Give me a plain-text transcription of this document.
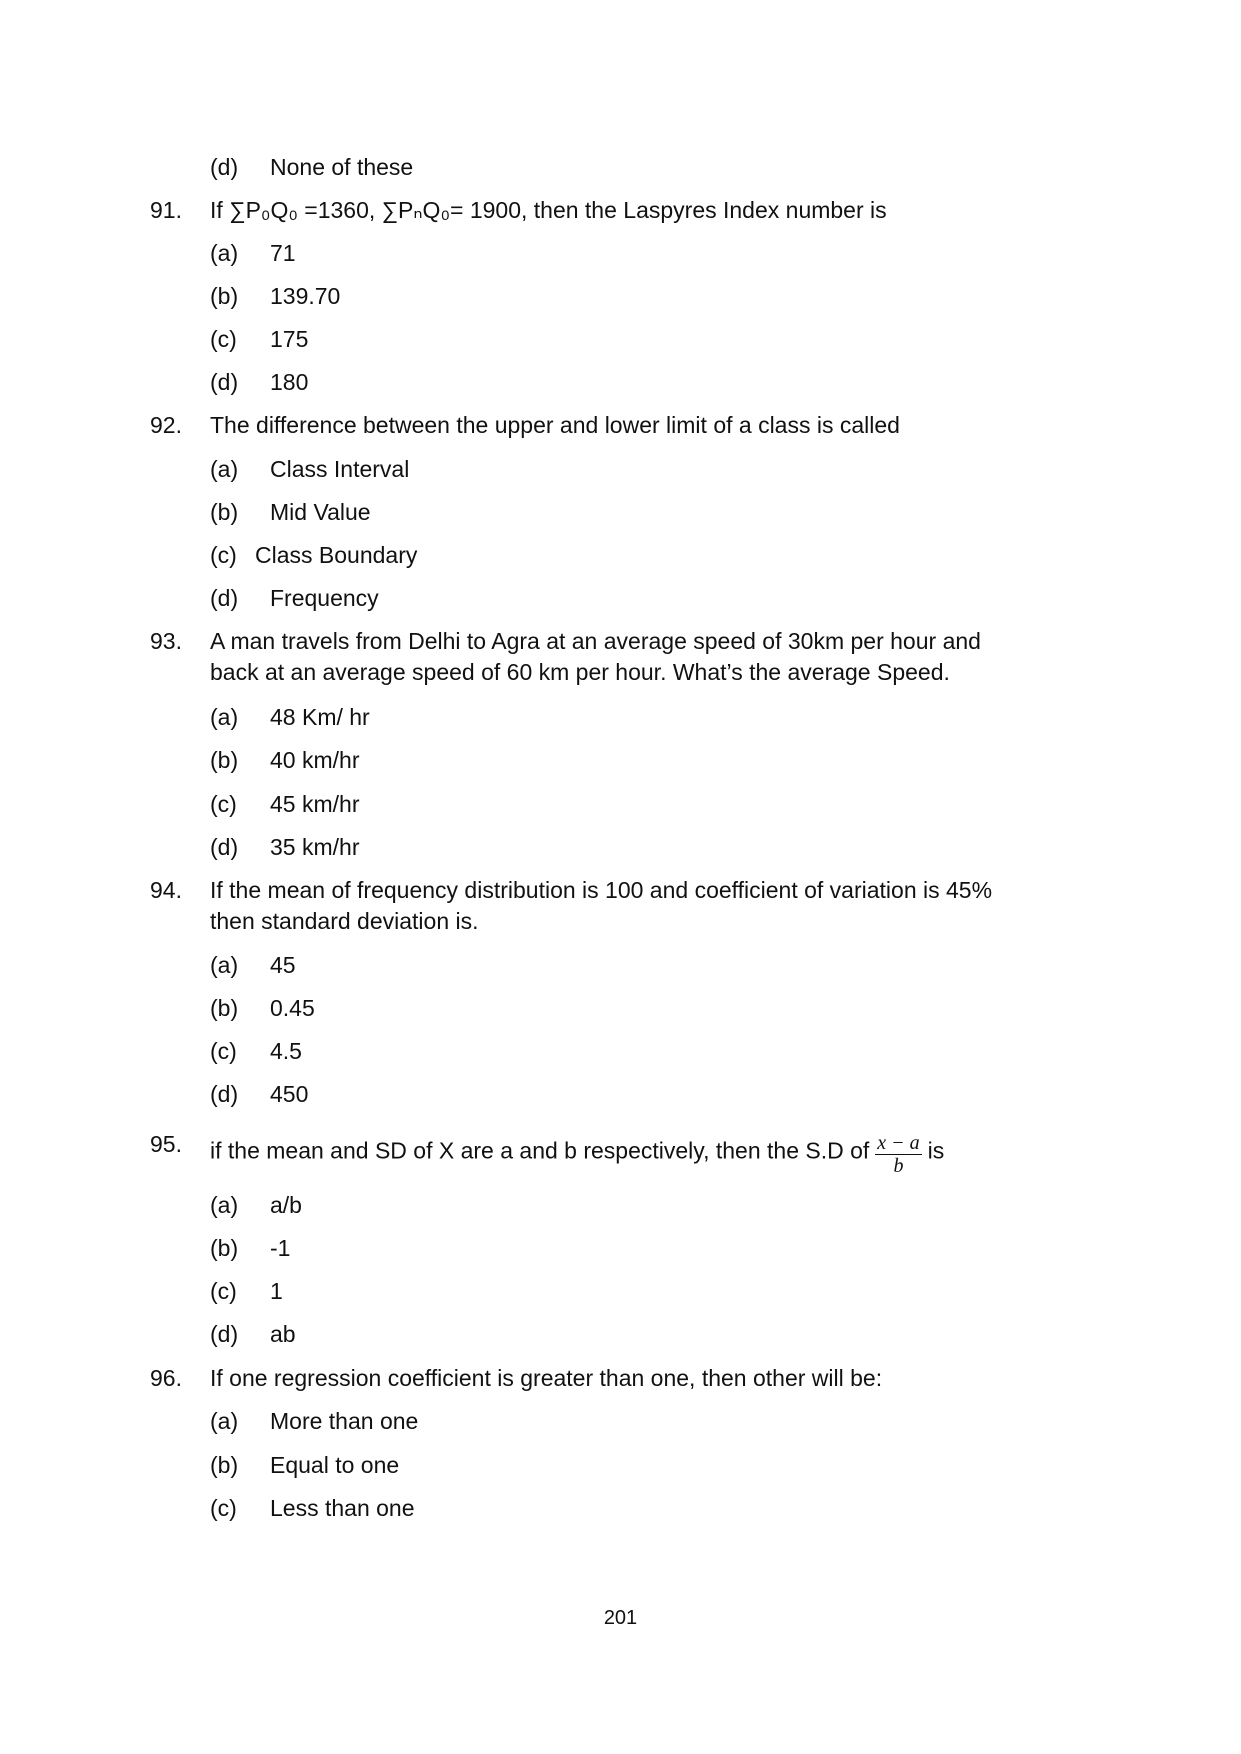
(d) None of these
91. If ∑P₀Q₀ =1360, ∑PₙQ₀= 1900, then the Laspyres Index number is
(a) 71
(b) 139.70
(c) 175
(d) 180
92. The difference between the upper and lower limit of a class is called
(a) Class Interval
(b) Mid Value
(c) Class Boundary
(d) Frequency
93. A man travels from Delhi to Agra at an average speed of 30km per hour and
back at an average speed of 60 km per hour. What’s the average Speed.
(a) 48 Km/ hr
(b) 40 km/hr
(c) 45 km/hr
(d) 35 km/hr
94. If the mean of frequency distribution is 100 and coefficient of variation is 45%
then standard deviation is.
(a) 45
(b) 0.45
(c) 4.5
(d) 450
95. if the mean and SD of X are a and b respectively, then the S.D of $\frac{x - a}{b}$ is
(a) a/b
(b) -1
(c) 1
(d) ab
96. If one regression coefficient is greater than one, then other will be:
(a) More than one
(b) Equal to one
(c) Less than one
201
